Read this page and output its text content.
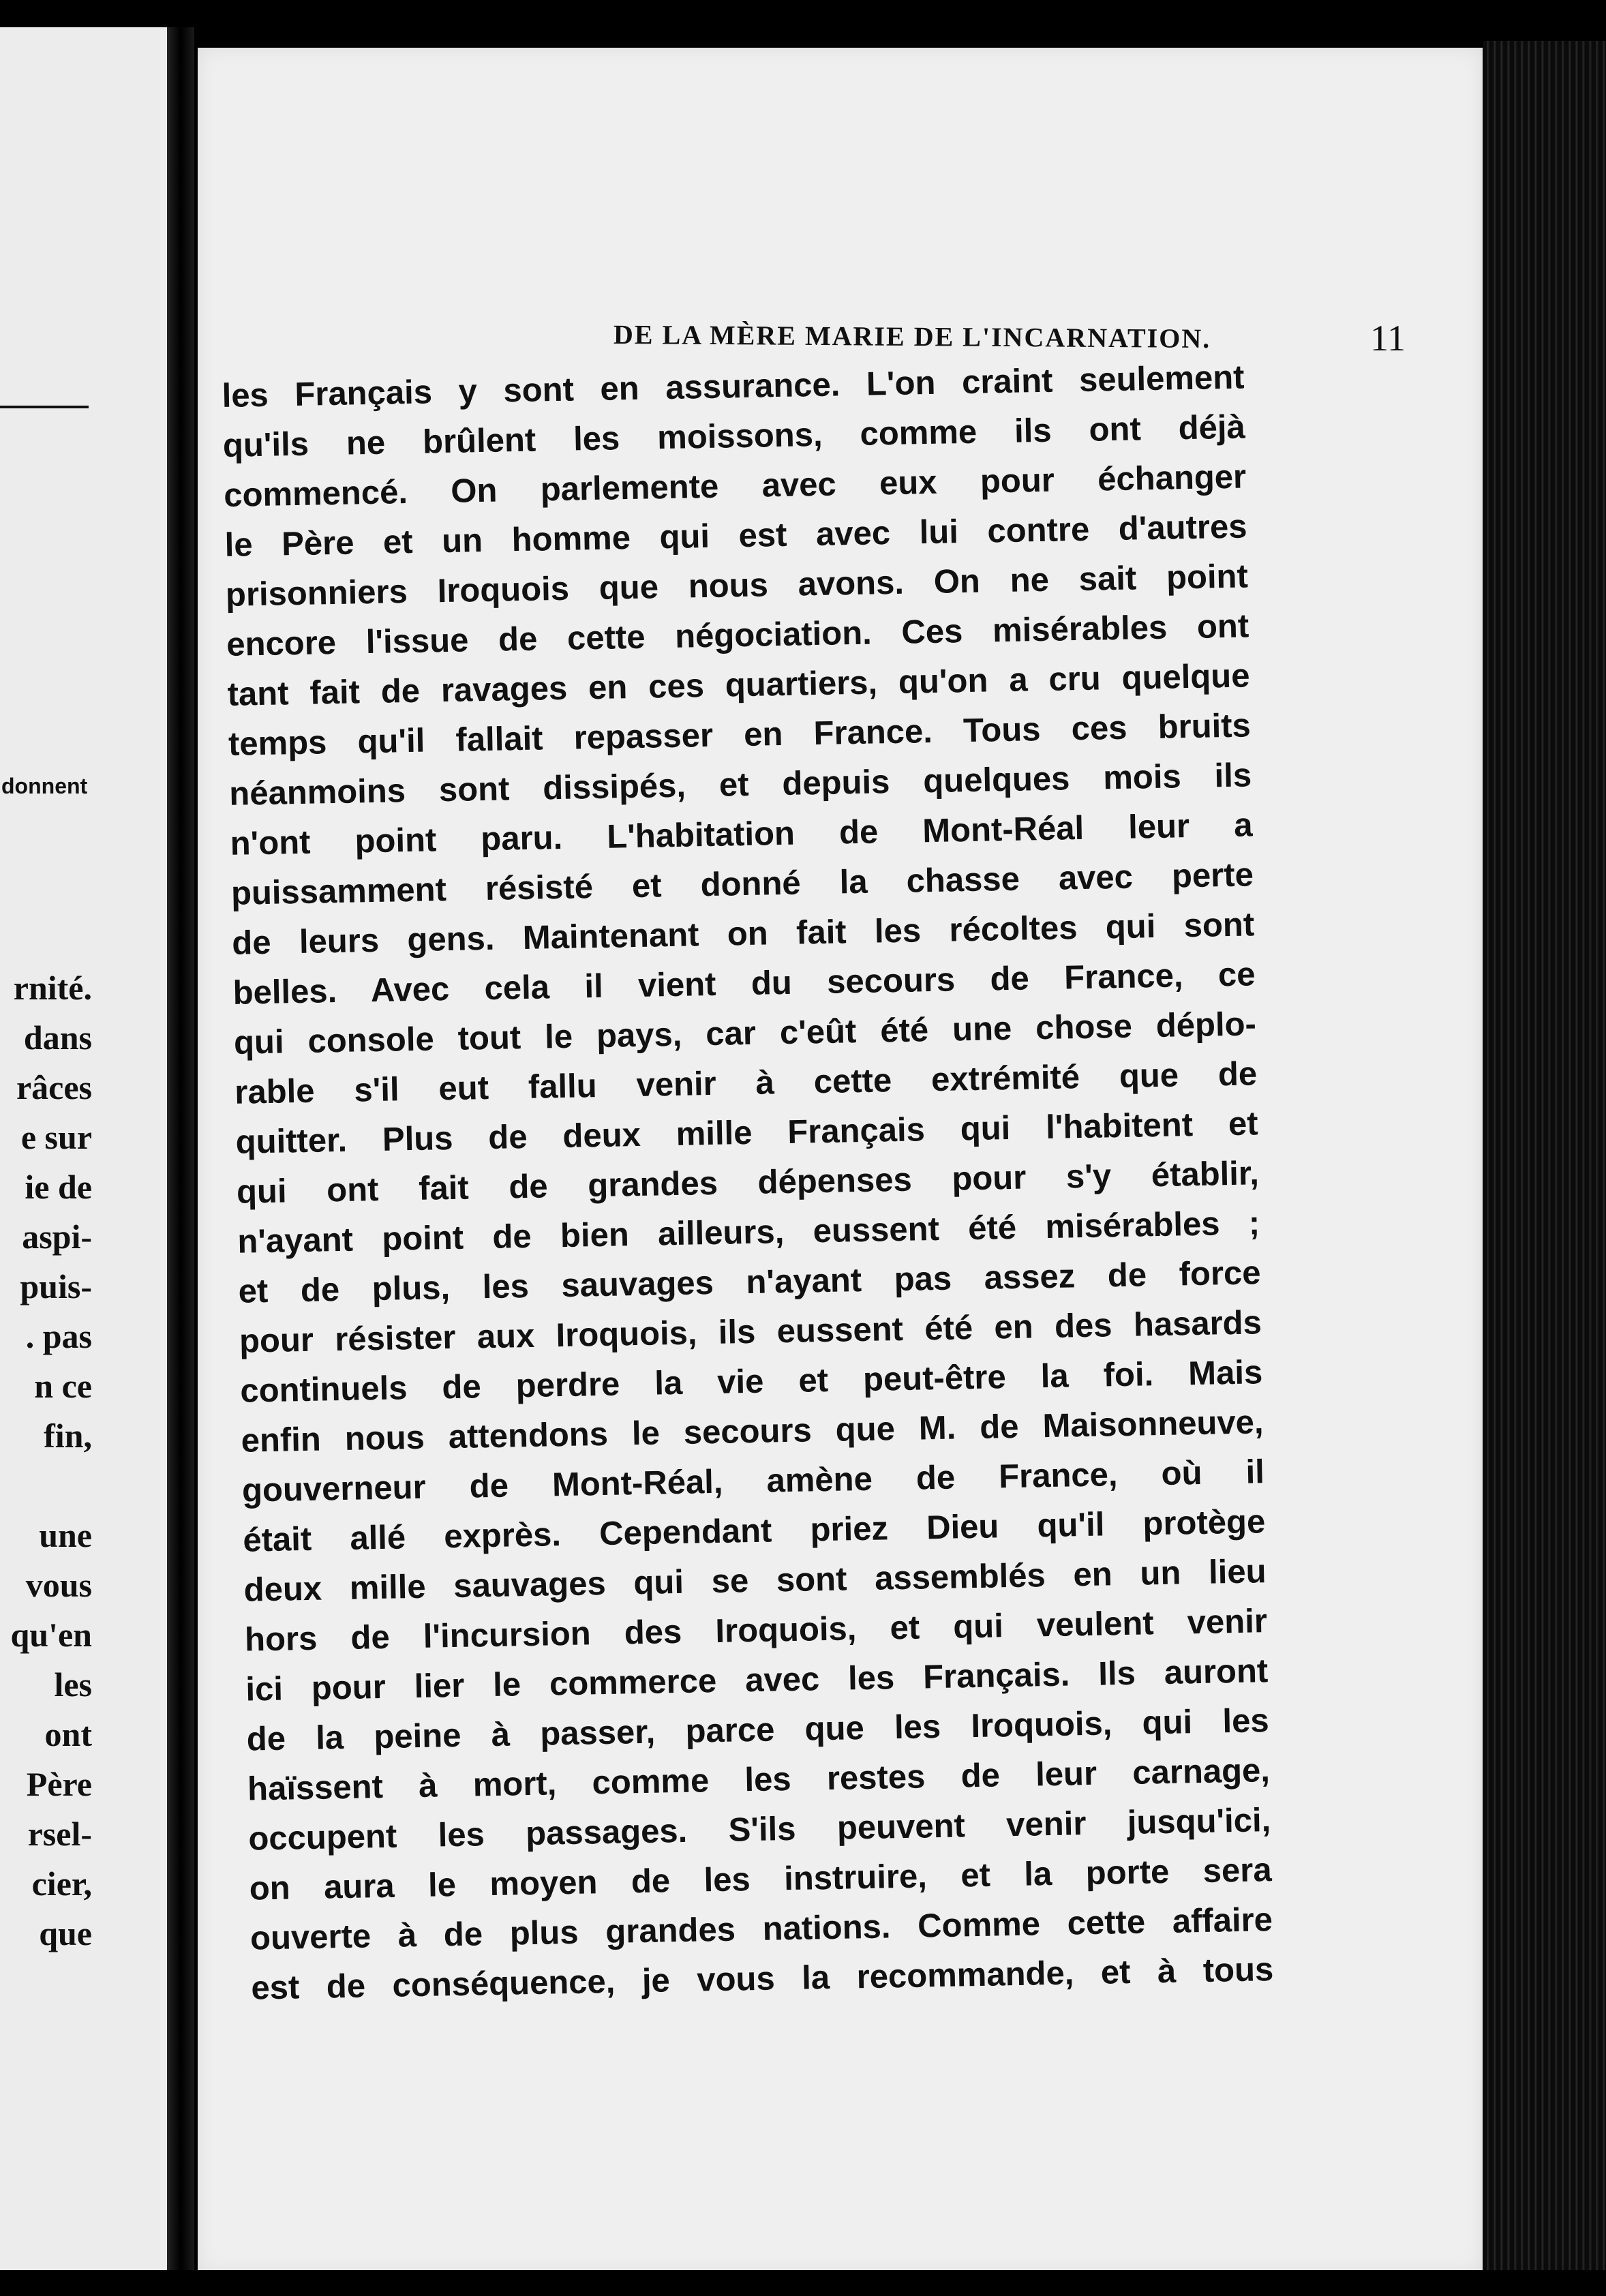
donnent
rnité.
dans
râces
e sur
ie de
aspi-
puis-
. pas
n ce
fin,
une
vous
qu'en
les
ont
Père
rsel-
cier,
que
DE LA MÈRE MARIE DE L'INCARNATION.	11
les Français y sont en assurance. L'on craint seulement
qu'ils ne brûlent les moissons, comme ils ont déjà
commencé. On parlemente avec eux pour échanger
le Père et un homme qui est avec lui contre d'autres
prisonniers Iroquois que nous avons. On ne sait point
encore l'issue de cette négociation. Ces misérables ont
tant fait de ravages en ces quartiers, qu'on a cru quelque
temps qu'il fallait repasser en France. Tous ces bruits
néanmoins sont dissipés, et depuis quelques mois ils
n'ont point paru. L'habitation de Mont-Réal leur a
puissamment résisté et donné la chasse avec perte
de leurs gens. Maintenant on fait les récoltes qui sont
belles. Avec cela il vient du secours de France, ce
qui console tout le pays, car c'eût été une chose déplo-
rable s'il eut fallu venir à cette extrémité que de
quitter. Plus de deux mille Français qui l'habitent et
qui ont fait de grandes dépenses pour s'y établir,
n'ayant point de bien ailleurs, eussent été misérables ;
et de plus, les sauvages n'ayant pas assez de force
pour résister aux Iroquois, ils eussent été en des hasards
continuels de perdre la vie et peut-être la foi. Mais
enfin nous attendons le secours que M. de Maisonneuve,
gouverneur de Mont-Réal, amène de France, où il
était allé exprès. Cependant priez Dieu qu'il protège
deux mille sauvages qui se sont assemblés en un lieu
hors de l'incursion des Iroquois, et qui veulent venir
ici pour lier le commerce avec les Français. Ils auront
de la peine à passer, parce que les Iroquois, qui les
haïssent à mort, comme les restes de leur carnage,
occupent les passages. S'ils peuvent venir jusqu'ici,
on aura le moyen de les instruire, et la porte sera
ouverte à de plus grandes nations. Comme cette affaire
est de conséquence, je vous la recommande, et à tous
